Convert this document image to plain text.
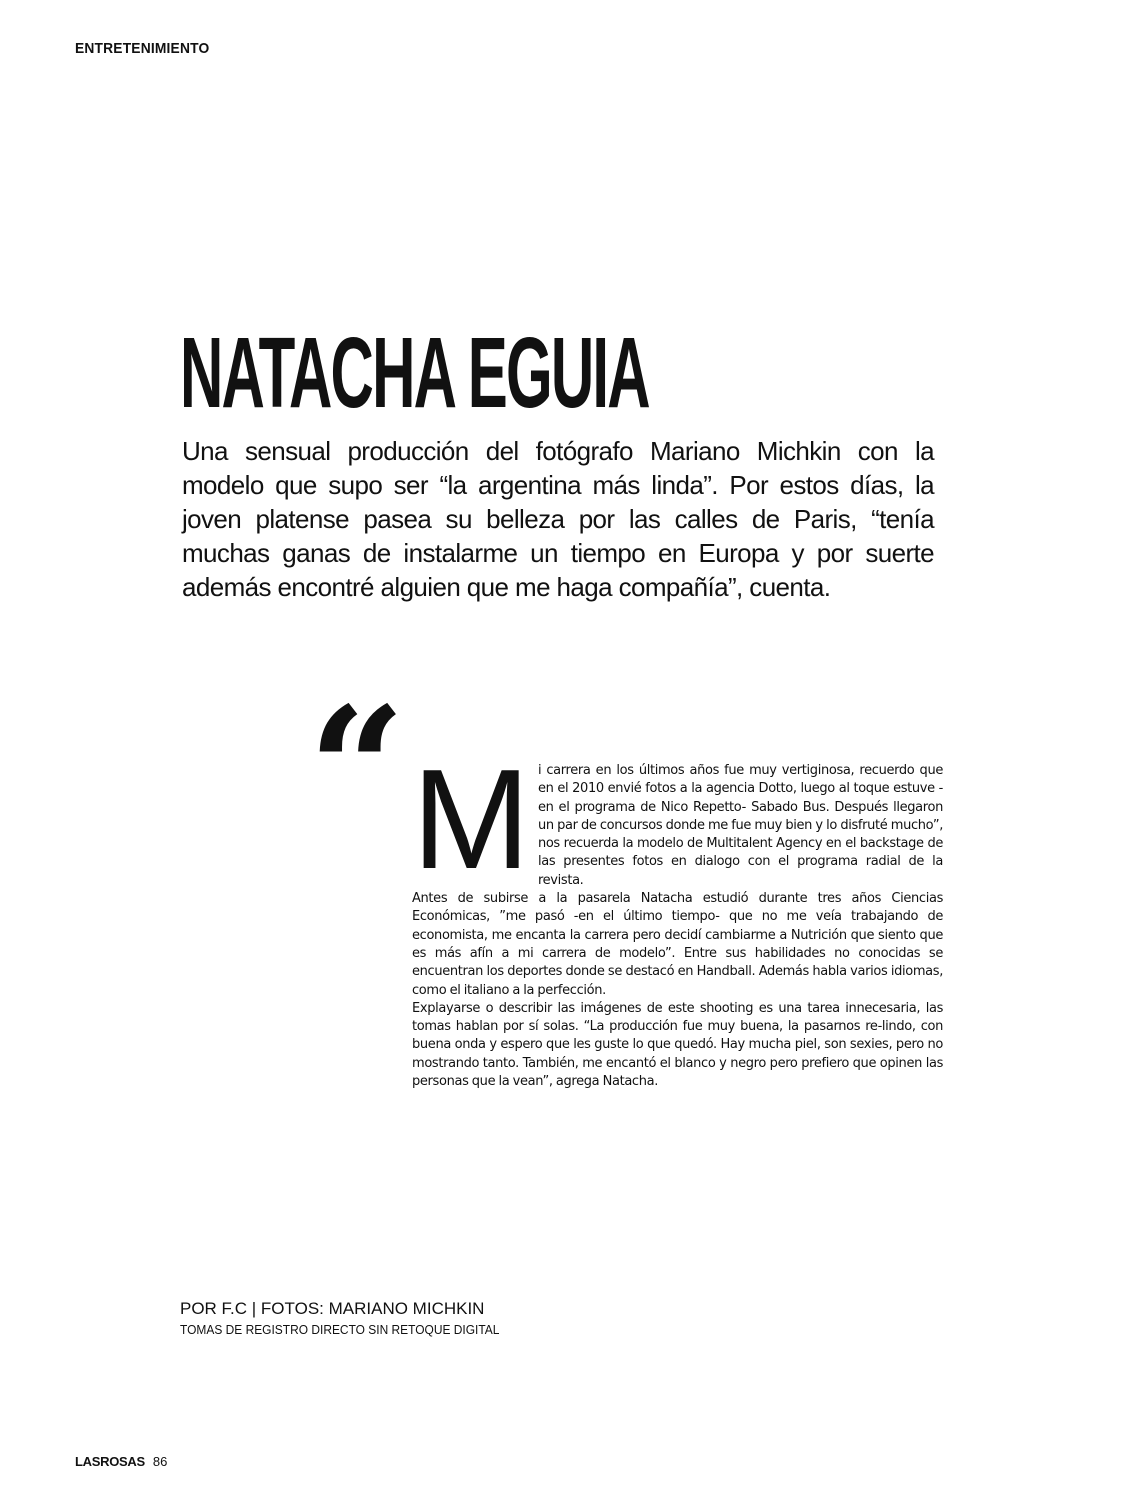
ENTRETENIMIENTO
NATACHA EGUIA

Una sensual producción del fotógrafo Mariano Michkin con la modelo que supo ser “la argentina más linda”. Por estos días, la joven platense pasea su belleza por las calles de Paris, “tenía muchas ganas de instalarme un tiempo en Europa y por suerte además encontré alguien que me haga compañía”, cuenta.

“ Mi carrera en los últimos años fue muy vertiginosa, recuerdo que en el 2010 envié fotos a la agencia Dotto, luego al toque estuve -en el programa de Nico Repetto- Sabado Bus. Después llegaron un par de concursos donde me fue muy bien y lo disfruté mucho”, nos recuerda la modelo de Multitalent Agency en el backstage de las presentes fotos en dialogo con el programa radial de la revista.

Antes de subirse a la pasarela Natacha estudió durante tres años Ciencias Económicas, ”me pasó -en el último tiempo- que no me veía trabajando de economista, me encanta la carrera pero decidí cambiarme a Nutrición que siento que es más afín a mi carrera de modelo”. Entre sus habilidades no conocidas se encuentran los deportes donde se destacó en Handball. Además habla varios idiomas, como el italiano a la perfección.

Explayarse o describir las imágenes de este shooting es una tarea innecesaria, las tomas hablan por sí solas. “La producción fue muy buena, la pasarnos re-lindo, con buena onda y espero que les guste lo que quedó. Hay mucha piel, son sexies, pero no mostrando tanto. También, me encantó el blanco y negro pero prefiero que opinen las personas que la vean”, agrega Natacha.

POR F.C | FOTOS: MARIANO MICHKIN
TOMAS DE REGISTRO DIRECTO SIN RETOQUE DIGITAL
LASROSAS 86
